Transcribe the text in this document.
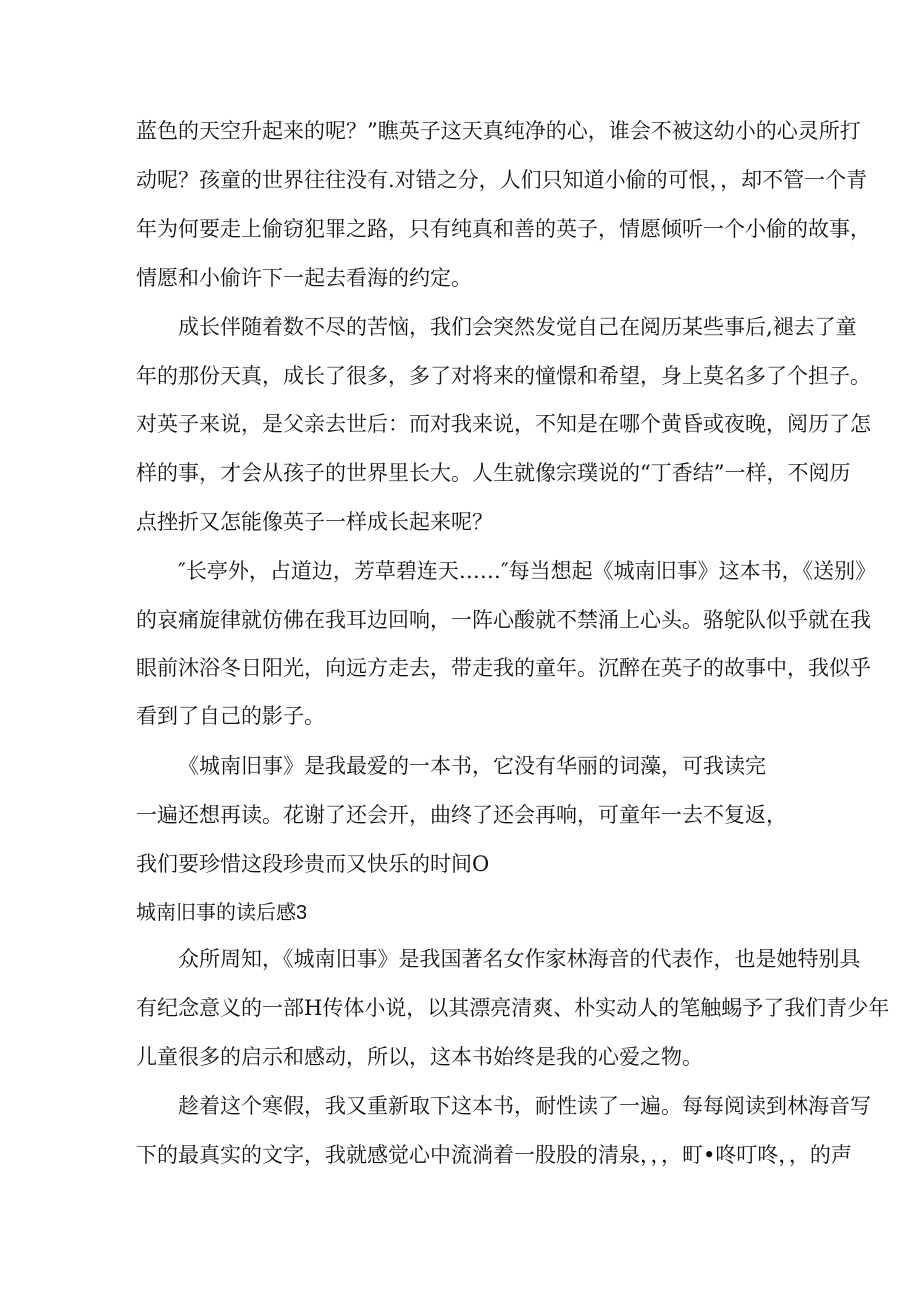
蓝色的天空升起来的呢？”瞧英子这天真纯净的心，谁会不被这幼小的心灵所打
动呢？孩童的世界往往没有.对错之分，人们只知道小偷的可恨，，却不管一个青
年为何要走上偷窃犯罪之路，只有纯真和善的英子，情愿倾听一个小偷的故事，
情愿和小偷许下一起去看海的约定。
成长伴随着数不尽的苦恼，我们会突然发觉自己在阅历某些事后,褪去了童
年的那份天真，成长了很多，多了对将来的憧憬和希望，身上莫名多了个担子。
对英子来说，是父亲去世后：而对我来说，不知是在哪个黄昏或夜晚，阅历了怎
样的事，才会从孩子的世界里长大。人生就像宗璞说的“丁香结”一样，不阅历
点挫折又怎能像英子一样成长起来呢？
″长亭外，占道边，芳草碧连天……″每当想起《城南旧事》这本书，《送别》
的哀痛旋律就仿佛在我耳边回响，一阵心酸就不禁涌上心头。骆鸵队似乎就在我
眼前沐浴冬日阳光，向远方走去，带走我的童年。沉醉在英子的故事中，我似乎
看到了自己的影子。
《城南旧事》是我最爱的一本书，它没有华丽的词藻，可我读完
一遍还想再读。花谢了还会开，曲终了还会再响，可童年一去不复返，
我们要珍惜这段珍贵而又快乐的时间O
城南旧事的读后感3
众所周知，《城南旧事》是我国著名女作家林海音的代表作，也是她特别具
有纪念意义的一部H传体小说，以其漂亮清爽、朴实动人的笔触蜴予了我们青少年
儿童很多的启示和感动，所以，这本书始终是我的心爱之物。
趁着这个寒假，我又重新取下这本书，耐性读了一遍。每每阅读到林海音写
下的最真实的文字，我就感觉心中流淌着一股股的清泉，，，町•咚叮咚，，的声
